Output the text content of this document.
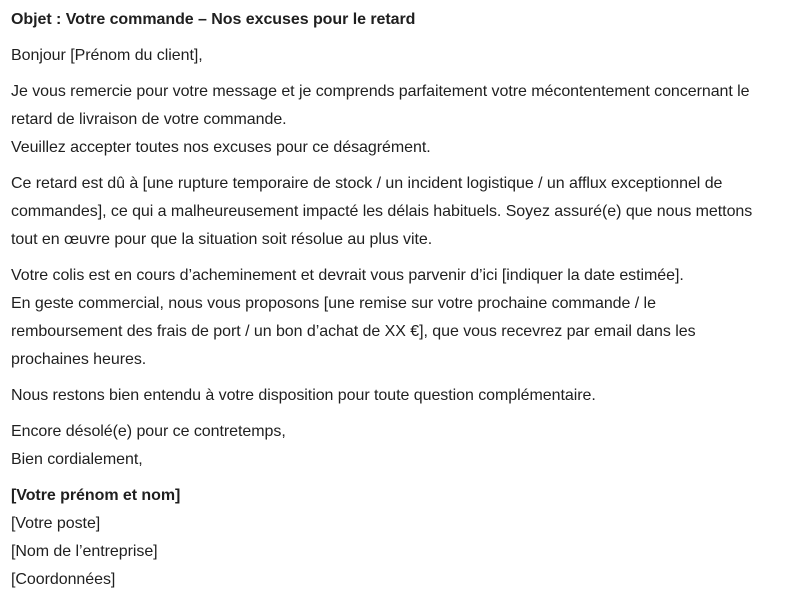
Objet : Votre commande – Nos excuses pour le retard
Bonjour [Prénom du client],
Je vous remercie pour votre message et je comprends parfaitement votre mécontentement concernant le
retard de livraison de votre commande.
Veuillez accepter toutes nos excuses pour ce désagrément.
Ce retard est dû à [une rupture temporaire de stock / un incident logistique / un afflux exceptionnel de
commandes], ce qui a malheureusement impacté les délais habituels. Soyez assuré(e) que nous mettons
tout en œuvre pour que la situation soit résolue au plus vite.
Votre colis est en cours d’acheminement et devrait vous parvenir d’ici [indiquer la date estimée].
En geste commercial, nous vous proposons [une remise sur votre prochaine commande / le
remboursement des frais de port / un bon d’achat de XX €], que vous recevrez par email dans les
prochaines heures.
Nous restons bien entendu à votre disposition pour toute question complémentaire.
Encore désolé(e) pour ce contretemps,
Bien cordialement,
[Votre prénom et nom]
[Votre poste]
[Nom de l’entreprise]
[Coordonnées]
